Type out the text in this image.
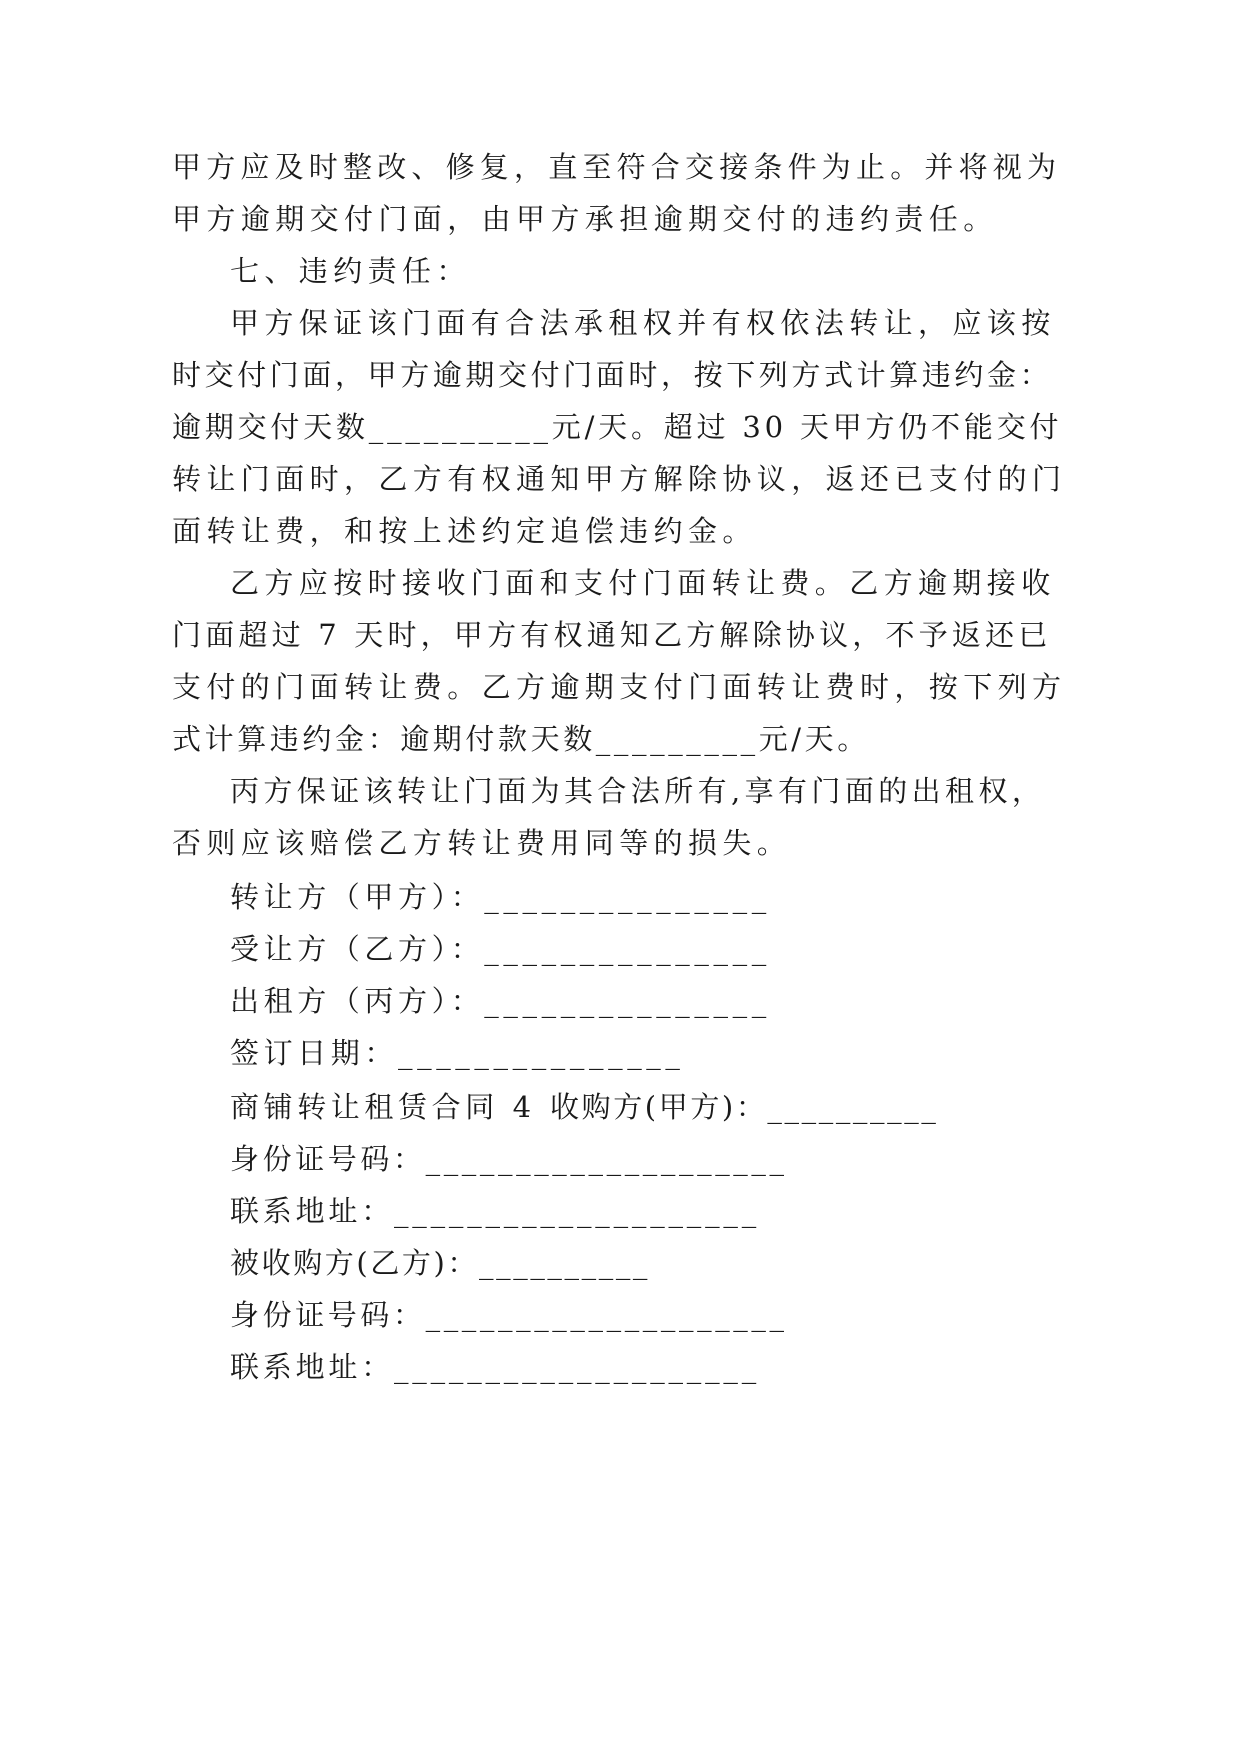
甲方应及时整改、修复，直至符合交接条件为止。并将视为
甲方逾期交付门面，由甲方承担逾期交付的违约责任。
七、违约责任：
甲方保证该门面有合法承租权并有权依法转让，应该按
时交付门面，甲方逾期交付门面时，按下列方式计算违约金：
逾期交付天数__________元/天。超过 30 天甲方仍不能交付
转让门面时，乙方有权通知甲方解除协议，返还已支付的门
面转让费，和按上述约定追偿违约金。
乙方应按时接收门面和支付门面转让费。乙方逾期接收
门面超过 7 天时，甲方有权通知乙方解除协议，不予返还已
支付的门面转让费。乙方逾期支付门面转让费时，按下列方
式计算违约金：逾期付款天数_________元/天。
丙方保证该转让门面为其合法所有,享有门面的出租权，
否则应该赔偿乙方转让费用同等的损失。
转让方（甲方）：_______________
受让方（乙方）：_______________
出租方（丙方）：_______________
签订日期：_______________
商铺转让租赁合同 4 收购方(甲方)：__________
身份证号码：____________________
联系地址：____________________
被收购方(乙方)：__________
身份证号码：____________________
联系地址：____________________
